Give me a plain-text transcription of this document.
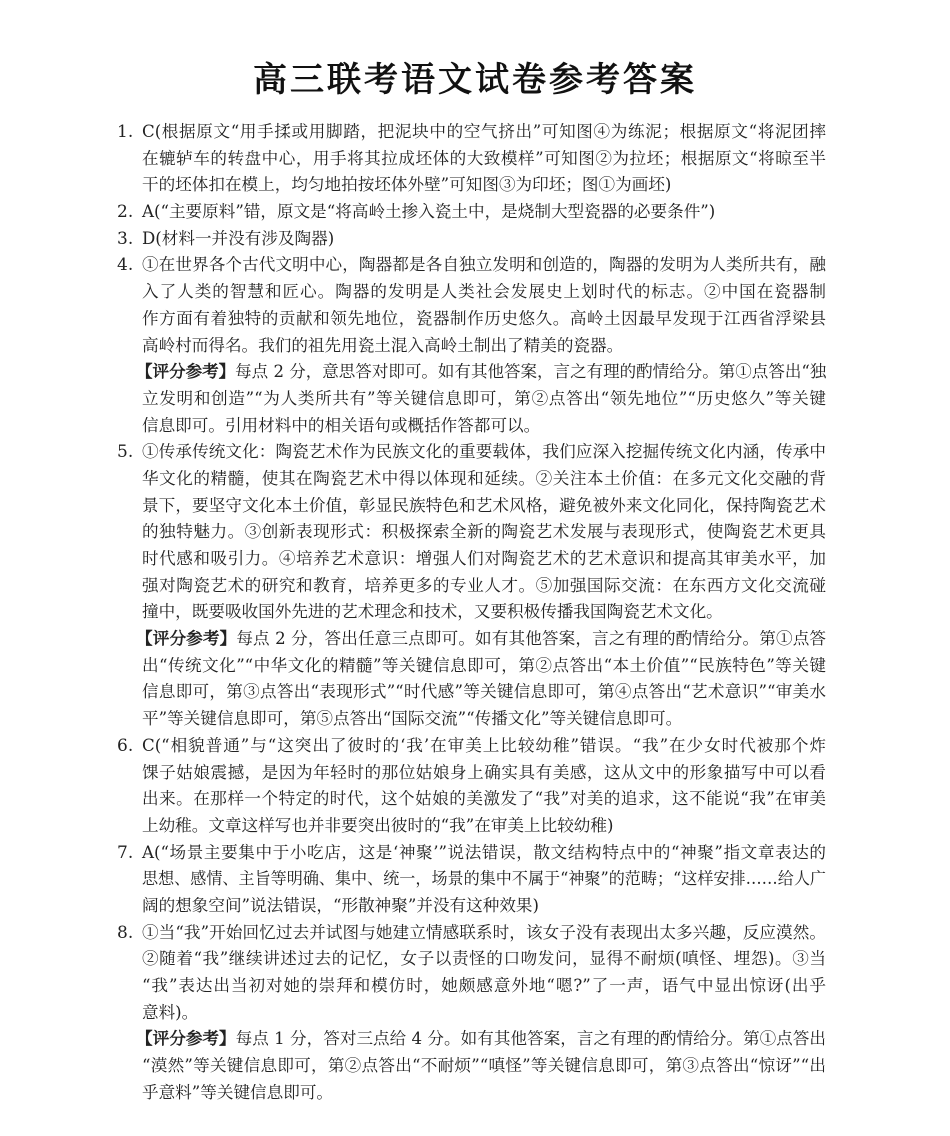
高三联考语文试卷参考答案
1. C(根据原文“用手揉或用脚踏，把泥块中的空气挤出”可知图④为练泥；根据原文“将泥团摔
在辘轳车的转盘中心，用手将其拉成坯体的大致模样”可知图②为拉坯；根据原文“将晾至半
干的坯体扣在模上，均匀地拍按坯体外壁”可知图③为印坯；图①为画坯)
2. A(“主要原料”错，原文是“将高岭土掺入瓷土中，是烧制大型瓷器的必要条件”)
3. D(材料一并没有涉及陶器)
4. ①在世界各个古代文明中心，陶器都是各自独立发明和创造的，陶器的发明为人类所共有，融
入了人类的智慧和匠心。陶器的发明是人类社会发展史上划时代的标志。②中国在瓷器制
作方面有着独特的贡献和领先地位，瓷器制作历史悠久。高岭土因最早发现于江西省浮梁县
高岭村而得名。我们的祖先用瓷土混入高岭土制出了精美的瓷器。
【评分参考】每点 2 分，意思答对即可。如有其他答案，言之有理的酌情给分。第①点答出“独
立发明和创造”“为人类所共有”等关键信息即可，第②点答出“领先地位”“历史悠久”等关键
信息即可。引用材料中的相关语句或概括作答都可以。
5. ①传承传统文化：陶瓷艺术作为民族文化的重要载体，我们应深入挖掘传统文化内涵，传承中
华文化的精髓，使其在陶瓷艺术中得以体现和延续。②关注本土价值：在多元文化交融的背
景下，要坚守文化本土价值，彰显民族特色和艺术风格，避免被外来文化同化，保持陶瓷艺术
的独特魅力。③创新表现形式：积极探索全新的陶瓷艺术发展与表现形式，使陶瓷艺术更具
时代感和吸引力。④培养艺术意识：增强人们对陶瓷艺术的艺术意识和提高其审美水平，加
强对陶瓷艺术的研究和教育，培养更多的专业人才。⑤加强国际交流：在东西方文化交流碰
撞中，既要吸收国外先进的艺术理念和技术，又要积极传播我国陶瓷艺术文化。
【评分参考】每点 2 分，答出任意三点即可。如有其他答案，言之有理的酌情给分。第①点答
出“传统文化”“中华文化的精髓”等关键信息即可，第②点答出“本土价值”“民族特色”等关键
信息即可，第③点答出“表现形式”“时代感”等关键信息即可，第④点答出“艺术意识”“审美水
平”等关键信息即可，第⑤点答出“国际交流”“传播文化”等关键信息即可。
6. C(“相貌普通”与“这突出了彼时的‘我’在审美上比较幼稚”错误。“我”在少女时代被那个炸
馃子姑娘震撼，是因为年轻时的那位姑娘身上确实具有美感，这从文中的形象描写中可以看
出来。在那样一个特定的时代，这个姑娘的美激发了“我”对美的追求，这不能说“我”在审美
上幼稚。文章这样写也并非要突出彼时的“我”在审美上比较幼稚)
7. A(“场景主要集中于小吃店，这是‘神聚’”说法错误，散文结构特点中的“神聚”指文章表达的
思想、感情、主旨等明确、集中、统一，场景的集中不属于“神聚”的范畴；“这样安排……给人广
阔的想象空间”说法错误，“形散神聚”并没有这种效果)
8. ①当“我”开始回忆过去并试图与她建立情感联系时，该女子没有表现出太多兴趣，反应漠然。
②随着“我”继续讲述过去的记忆，女子以责怪的口吻发问，显得不耐烦(嗔怪、埋怨)。③当
“我”表达出当初对她的崇拜和模仿时，她颇感意外地“嗯?”了一声，语气中显出惊讶(出乎
意料)。
【评分参考】每点 1 分，答对三点给 4 分。如有其他答案，言之有理的酌情给分。第①点答出
“漠然”等关键信息即可，第②点答出“不耐烦”“嗔怪”等关键信息即可，第③点答出“惊讶”“出
乎意料”等关键信息即可。
